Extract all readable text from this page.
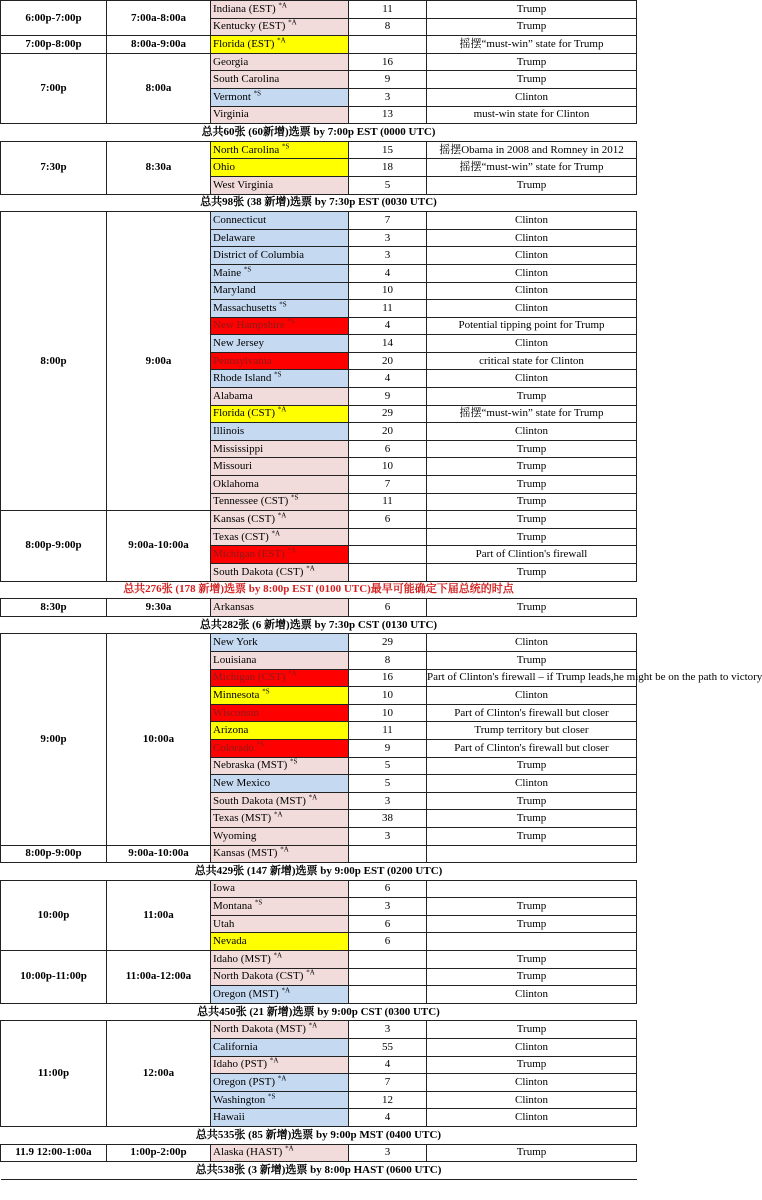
6:00p-7:00p	7:00a-8:00a	Indiana (EST) $^{*A}$	11	Trump
		Kentucky (EST) $^{*A}$	8	Trump
7:00p-8:00p	8:00a-9:00a	Florida (EST) $^{*A}$		摇摆“must-win” state for Trump
7:00p	8:00a	Georgia	16	Trump
		South Carolina	9	Trump
		Vermont $^{*S}$	3	Clinton
		Virginia	13	must-win state for Clinton
总共60张 (60新增)选票 by 7:00p EST (0000 UTC)				
7:30p	8:30a	North Carolina $^{*S}$	15	摇摆Obama in 2008 and Romney in 2012
		Ohio	18	摇摆“must-win” state for Trump
		West Virginia	5	Trump
总共98张 (38 新增)选票 by 7:30p EST (0030 UTC)				
8:00p	9:00a	Connecticut	7	Clinton
		Delaware	3	Clinton
		District of Columbia	3	Clinton
		Maine $^{*S}$	4	Clinton
		Maryland	10	Clinton
		Massachusetts $^{*S}$	11	Clinton
		New Hampshire $^{*S}$	4	Potential tipping point for Trump
		New Jersey	14	Clinton
		Pennsylvania	20	critical state for Clinton
		Rhode Island $^{*S}$	4	Clinton
		Alabama	9	Trump
		Florida (CST) $^{*A}$	29	摇摆“must-win” state for Trump
		Illinois	20	Clinton
		Mississippi	6	Trump
		Missouri	10	Trump
		Oklahoma	7	Trump
		Tennessee (CST) $^{*S}$	11	Trump
8:00p-9:00p	9:00a-10:00a	Kansas (CST) $^{*A}$	6	Trump
		Texas (CST) $^{*A}$		Trump
		Michigan (EST) $^{*A}$		Part of Clintion's firewall
		South Dakota (CST) $^{*A}$		Trump
总共276张 (178 新增)选票 by 8:00p EST (0100 UTC)最早可能确定下届总统的时点				
8:30p	9:30a	Arkansas	6	Trump
总共282张 (6 新增)选票 by 7:30p CST (0130 UTC)				
9:00p	10:00a	New York	29	Clinton
		Louisiana	8	Trump
		Michigan (CST) $^{*A}$	16	Part of Clinton's firewall – if Trump leads,he might be on the path to victory
		Minnesota $^{*S}$	10	Clinton
		Wisconsin	10	Part of Clinton's firewall but closer
		Arizona	11	Trump territory but closer
		Colorado $^{*S}$	9	Part of Clinton's firewall but closer
		Nebraska (MST) $^{*S}$	5	Trump
		New Mexico	5	Clinton
		South Dakota (MST) $^{*A}$	3	Trump
		Texas (MST) $^{*A}$	38	Trump
		Wyoming	3	Trump
8:00p-9:00p	9:00a-10:00a	Kansas (MST) $^{*A}$		
总共429张 (147 新增)选票 by 9:00p EST (0200 UTC)				
10:00p	11:00a	Iowa	6	
		Montana $^{*S}$	3	Trump
		Utah	6	Trump
		Nevada	6	
10:00p-11:00p	11:00a-12:00a	Idaho (MST) $^{*A}$		Trump
		North Dakota (CST) $^{*A}$		Trump
		Oregon (MST) $^{*A}$		Clinton
总共450张 (21 新增)选票 by 9:00p CST (0300 UTC)				
11:00p	12:00a	North Dakota (MST) $^{*A}$	3	Trump
		California	55	Clinton
		Idaho (PST) $^{*A}$	4	Trump
		Oregon (PST) $^{*A}$	7	Clinton
		Washington $^{*S}$	12	Clinton
		Hawaii	4	Clinton
总共535张 (85 新增)选票 by 9:00p MST (0400 UTC)				
11.9 12:00-1:00a	1:00p-2:00p	Alaska (HAST) $^{*A}$	3	Trump
总共538张 (3 新增)选票 by 8:00p HAST (0600 UTC)				
